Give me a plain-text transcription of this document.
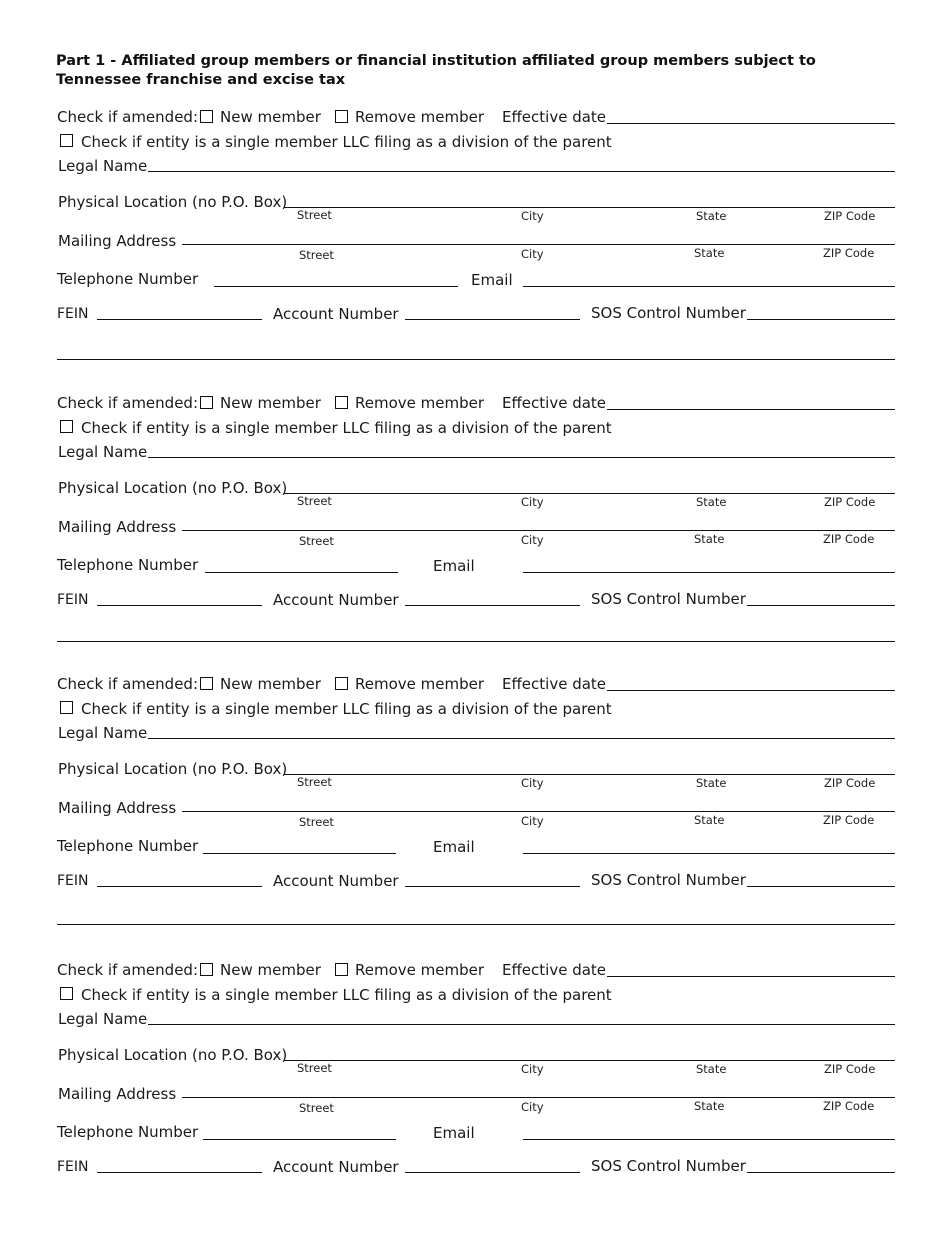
Part 1 - Affiliated group members or financial institution affiliated group members subject to Tennessee franchise and excise tax
Check if amended: New member Remove member Effective date
Check if entity is a single member LLC filing as a division of the parent
Legal Name
Physical Location (no P.O. Box)
Street	City	State	ZIP Code
Mailing Address
Street	City	State	ZIP Code
Telephone Number	Email
FEIN	Account Number	SOS Control Number
Check if amended: New member Remove member Effective date
Check if entity is a single member LLC filing as a division of the parent
Legal Name
Physical Location (no P.O. Box)
Street	City	State	ZIP Code
Mailing Address
Street	City	State	ZIP Code
Telephone Number	Email
FEIN	Account Number	SOS Control Number
Check if amended: New member Remove member Effective date
Check if entity is a single member LLC filing as a division of the parent
Legal Name
Physical Location (no P.O. Box)
Street	City	State	ZIP Code
Mailing Address
Street	City	State	ZIP Code
Telephone Number	Email
FEIN	Account Number	SOS Control Number
Check if amended: New member Remove member Effective date
Check if entity is a single member LLC filing as a division of the parent
Legal Name
Physical Location (no P.O. Box)
Street	City	State	ZIP Code
Mailing Address
Street	City	State	ZIP Code
Telephone Number	Email
FEIN	Account Number	SOS Control Number
